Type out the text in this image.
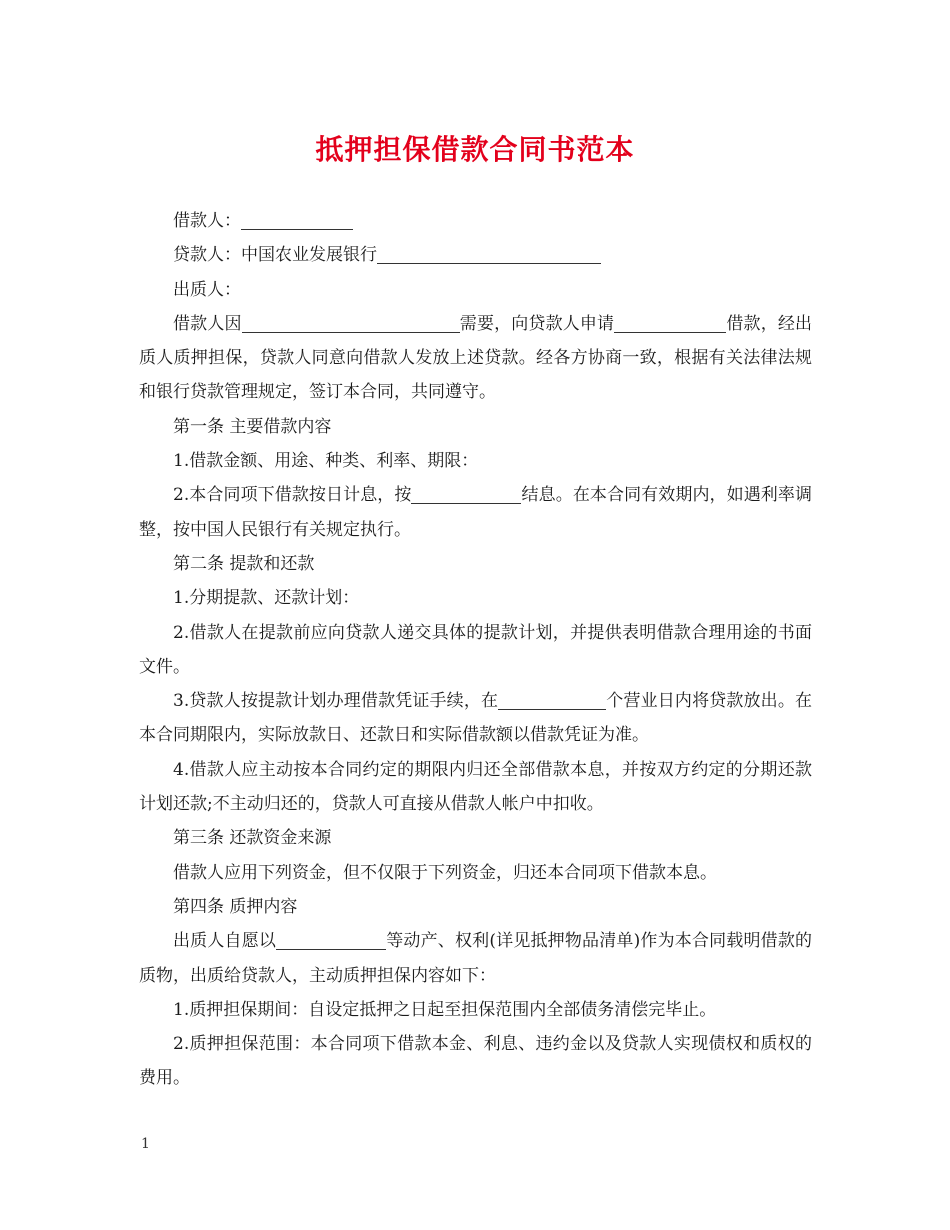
抵押担保借款合同书范本

借款人：

贷款人：中国农业发展银行

出质人：

借款人因	需要，向贷款人申请	借款，经出质人质押担保，贷款人同意向借款人发放上述贷款。经各方协商一致，根据有关法律法规和银行贷款管理规定，签订本合同，共同遵守。

第一条 主要借款内容

1.借款金额、用途、种类、利率、期限：

2.本合同项下借款按日计息，按	结息。在本合同有效期内，如遇利率调整，按中国人民银行有关规定执行。

第二条 提款和还款

1.分期提款、还款计划：

2.借款人在提款前应向贷款人递交具体的提款计划，并提供表明借款合理用途的书面文件。

3.贷款人按提款计划办理借款凭证手续，在	个营业日内将贷款放出。在本合同期限内，实际放款日、还款日和实际借款额以借款凭证为准。

4.借款人应主动按本合同约定的期限内归还全部借款本息，并按双方约定的分期还款计划还款;不主动归还的，贷款人可直接从借款人帐户中扣收。

第三条 还款资金来源

借款人应用下列资金，但不仅限于下列资金，归还本合同项下借款本息。

第四条 质押内容

出质人自愿以	等动产、权利(详见抵押物品清单)作为本合同载明借款的质物，出质给贷款人，主动质押担保内容如下：

1.质押担保期间：自设定抵押之日起至担保范围内全部债务清偿完毕止。

2.质押担保范围：本合同项下借款本金、利息、违约金以及贷款人实现债权和质权的费用。

1
